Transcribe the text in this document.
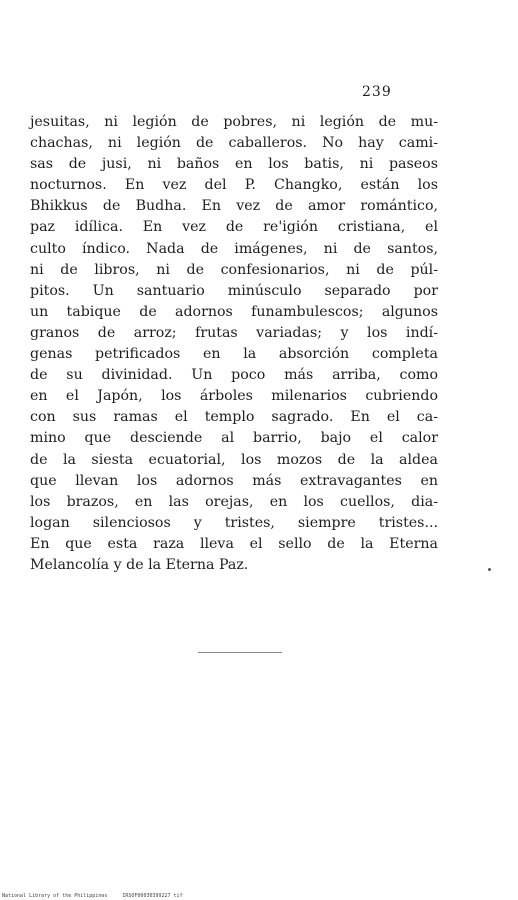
239

jesuitas, ni legión de pobres, ni legión de mu-
chachas, ni legión de caballeros. No hay cami-
sas de jusi, ni baños en los batis, ni paseos
nocturnos. En vez del P. Changko, están los
Bhikkus de Budha. En vez de amor romántico,
paz idílica. En vez de re'igión cristiana, el
culto índico. Nada de imágenes, ni de santos,
ni de libros, ni de confesionarios, ni de púl-
pitos. Un santuario minúsculo separado por
un tabique de adornos funambulescos; algunos
granos de arroz; frutas variadas; y los indí-
genas petrificados en la absorción completa
de su divinidad. Un poco más arriba, como
en el Japón, los árboles milenarios cubriendo
con sus ramas el templo sagrado. En el ca-
mino que desciende al barrio, bajo el calor
de la siesta ecuatorial, los mozos de la aldea
que llevan los adornos más extravagantes en
los brazos, en las orejas, en los cuellos, dia-
logan silenciosos y tristes, siempre tristes...
En que esta raza lleva el sello de la Eterna
Melancolía y de la Eterna Paz.

National Library of the Philippines	IRSOF00030399227 tif
